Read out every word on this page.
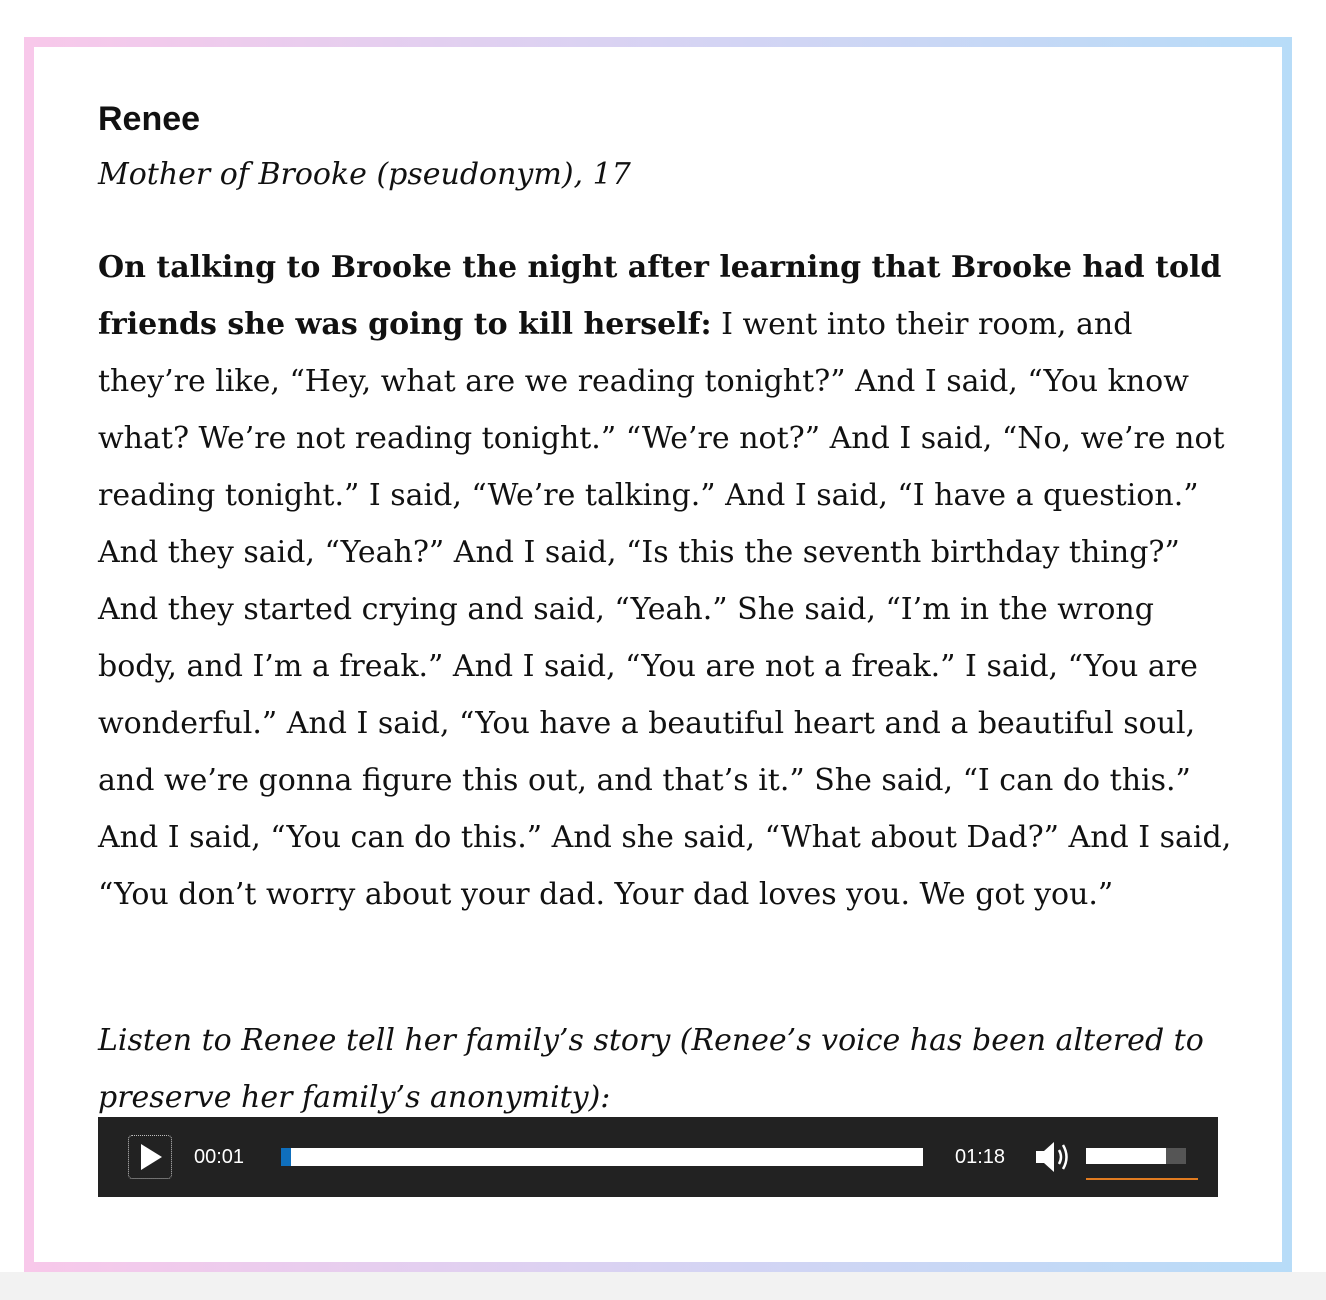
Renee
Mother of Brooke (pseudonym), 17

On talking to Brooke the night after learning that Brooke had told friends she was going to kill herself: I went into their room, and they’re like, “Hey, what are we reading tonight?” And I said, “You know what? We’re not reading tonight.” “We’re not?” And I said, “No, we’re not reading tonight.” I said, “We’re talking.” And I said, “I have a question.” And they said, “Yeah?” And I said, “Is this the seventh birthday thing?” And they started crying and said, “Yeah.” She said, “I’m in the wrong body, and I’m a freak.” And I said, “You are not a freak.” I said, “You are wonderful.” And I said, “You have a beautiful heart and a beautiful soul, and we’re gonna figure this out, and that’s it.” She said, “I can do this.” And I said, “You can do this.” And she said, “What about Dad?” And I said, “You don’t worry about your dad. Your dad loves you. We got you.”

Listen to Renee tell her family’s story (Renee’s voice has been altered to preserve her family’s anonymity):

00:01	01:18
